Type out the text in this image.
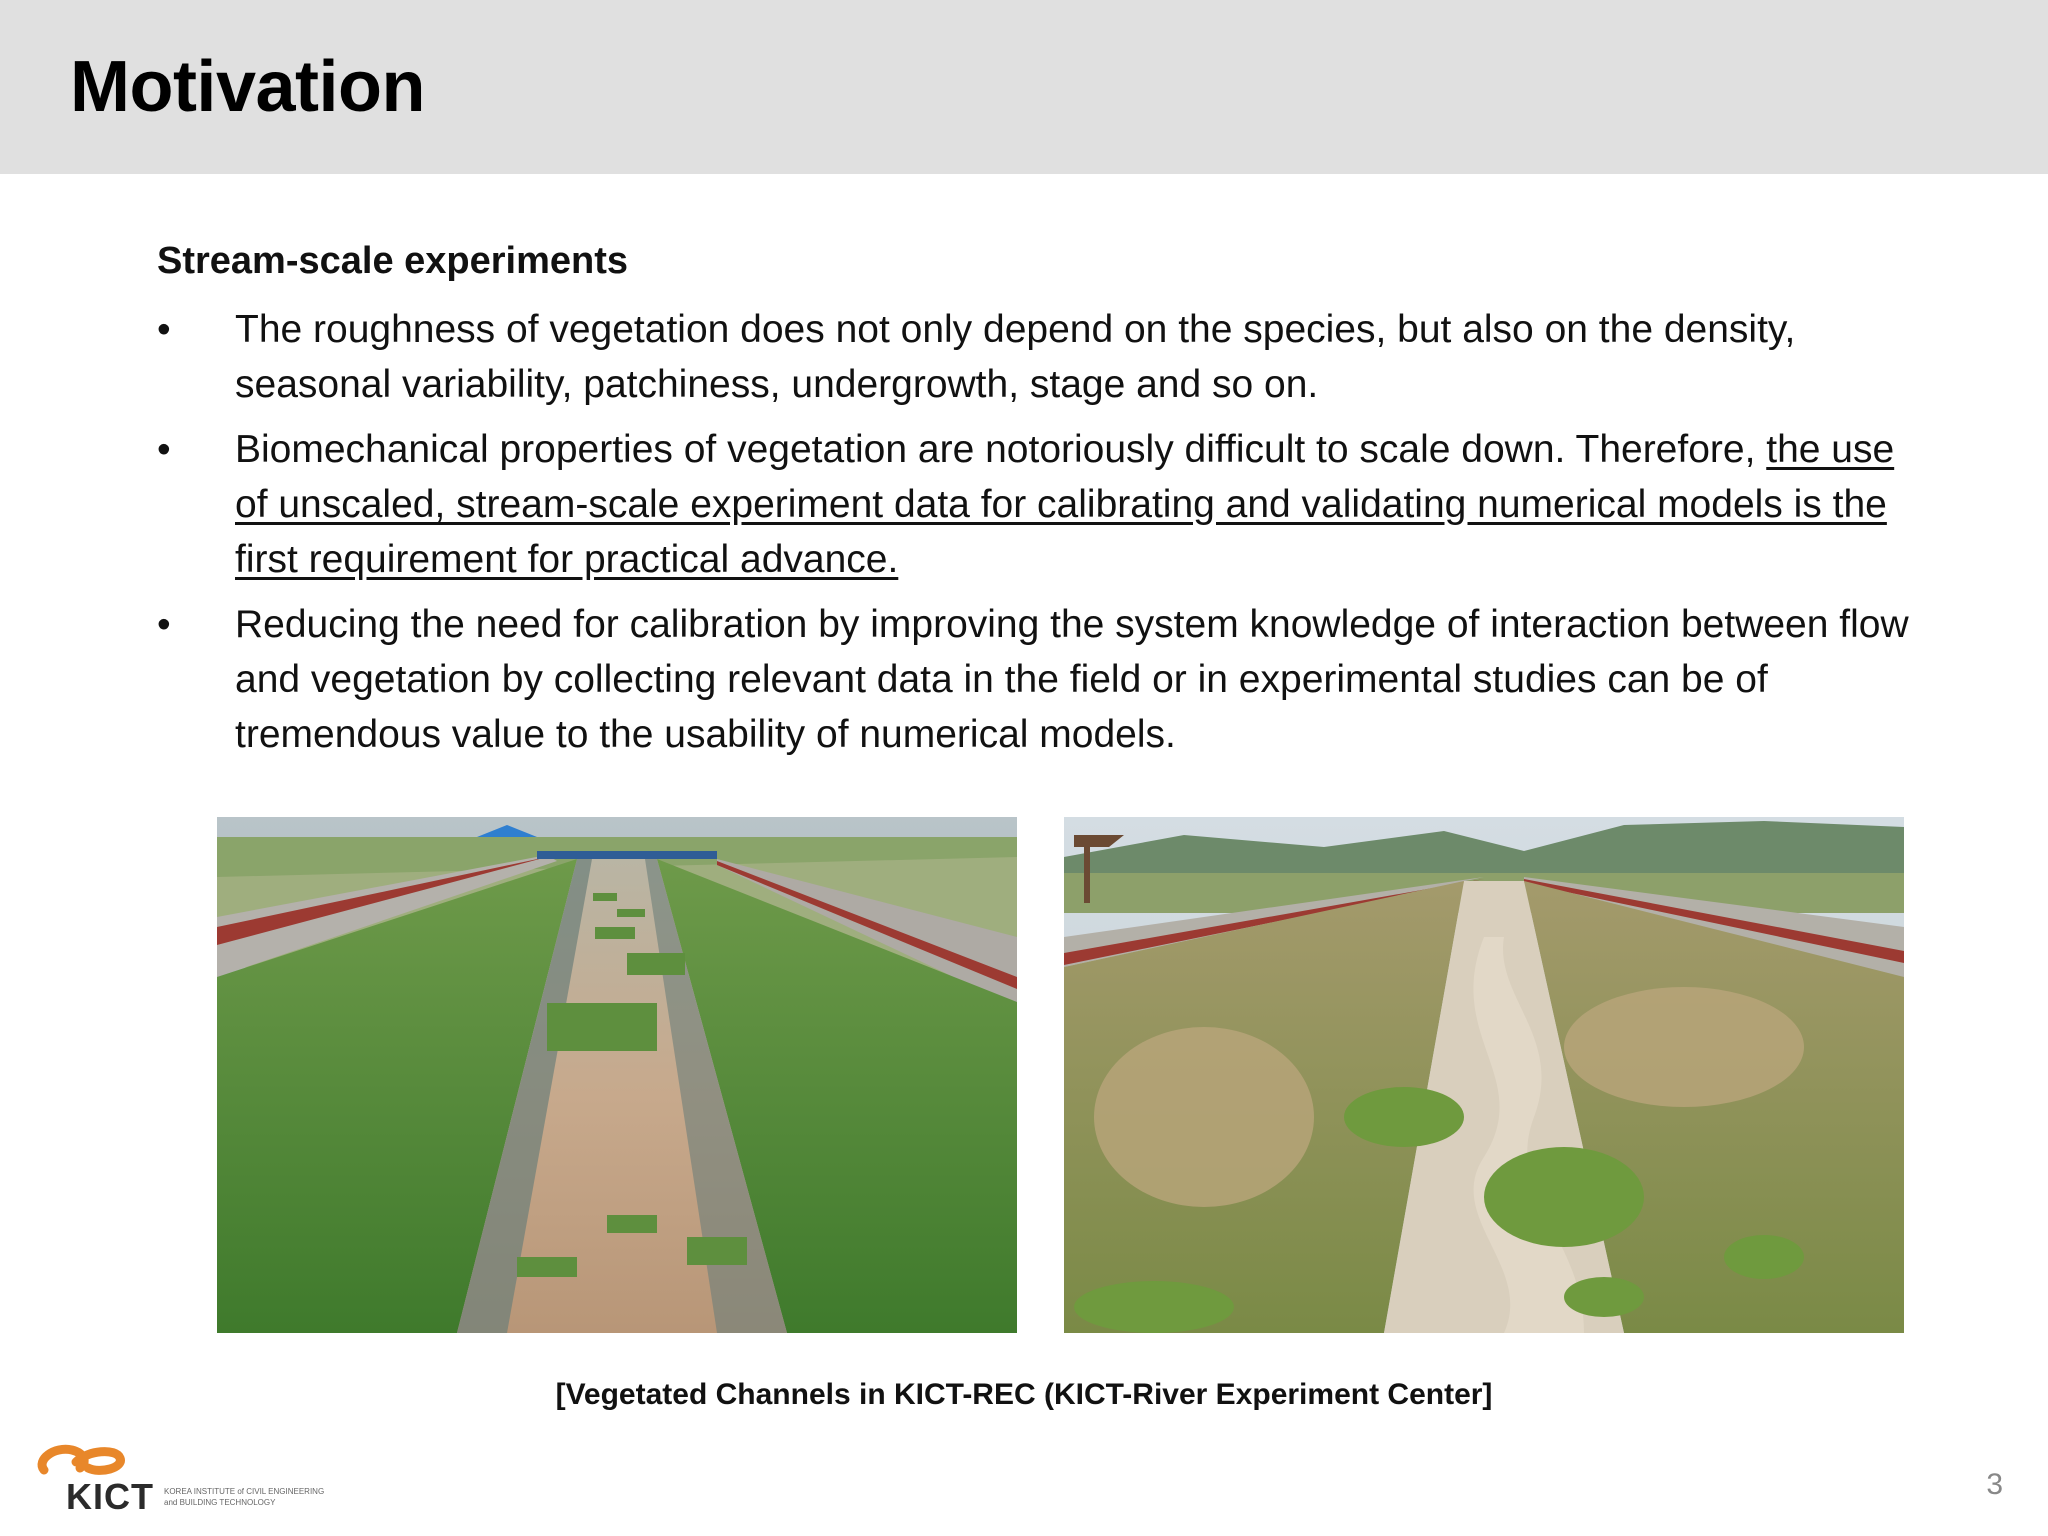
Motivation
Stream-scale experiments
• The roughness of vegetation does not only depend on the species, but also on the density, seasonal variability, patchiness, undergrowth, stage and so on.
• Biomechanical properties of vegetation are notoriously difficult to scale down. Therefore, the use of unscaled, stream-scale experiment data for calibrating and validating numerical models is the first requirement for practical advance.
• Reducing the need for calibration by improving the system knowledge of interaction between flow and vegetation by collecting relevant data in the field or in experimental studies can be of tremendous value to the usability of numerical models.
[Vegetated Channels in KICT-REC (KICT-River Experiment Center]
KICT KOREA INSTITUTE of CIVIL ENGINEERING
and BUILDING TECHNOLOGY
3
